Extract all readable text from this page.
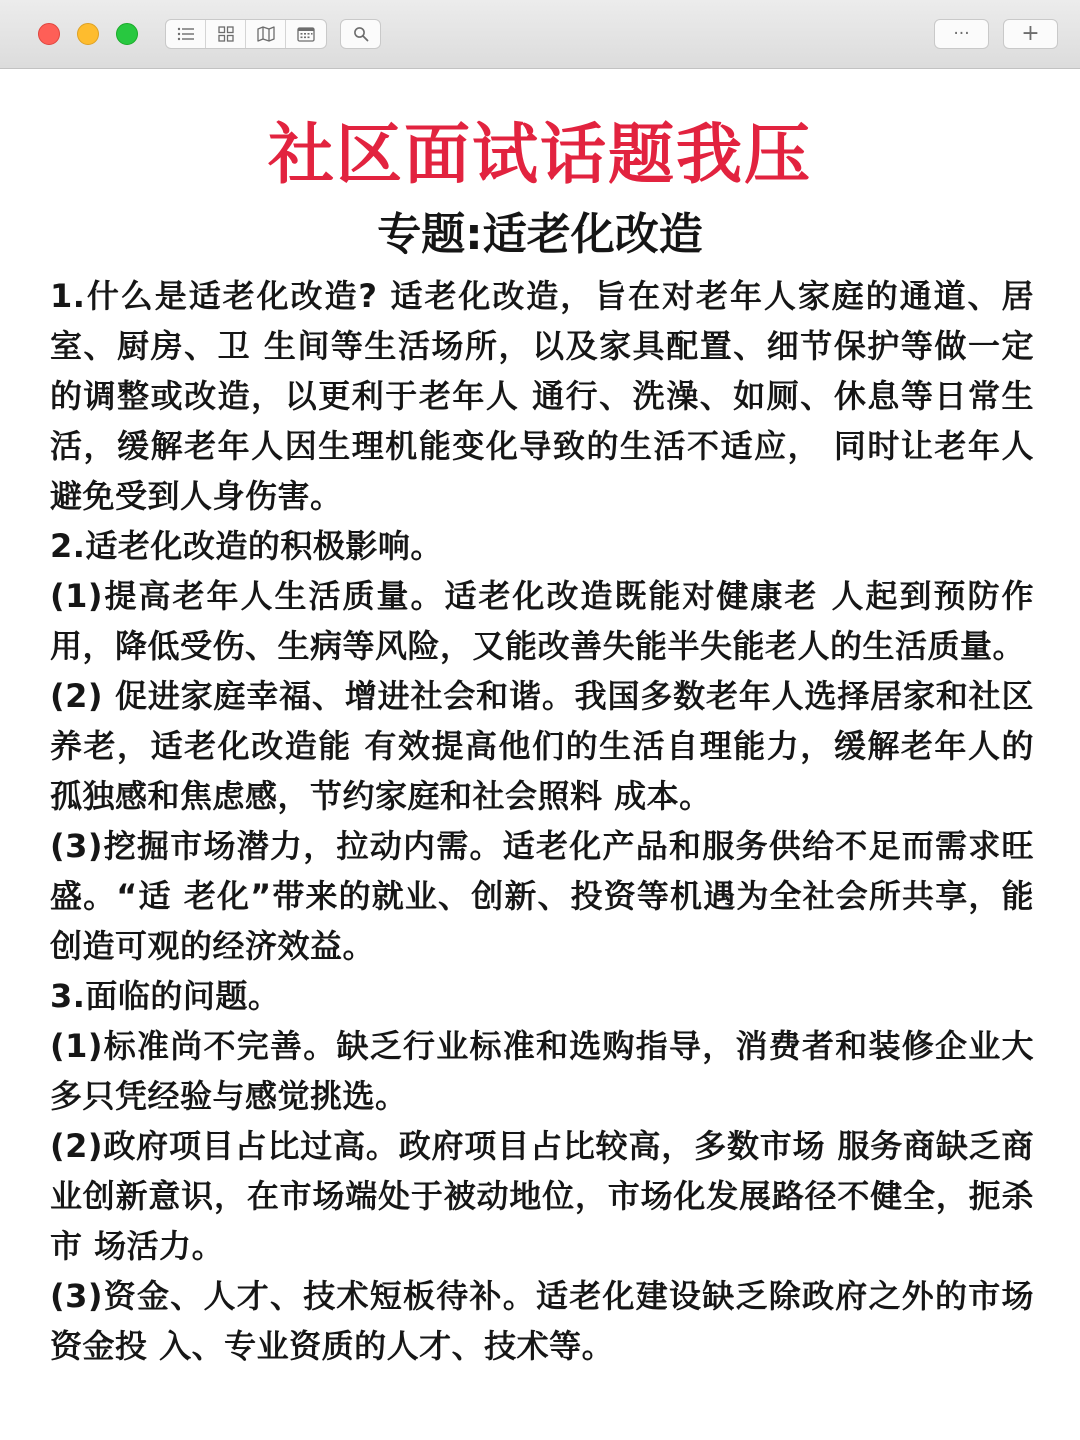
··· +
社区面试话题我压
专题:适老化改造

1.什么是适老化改造? 适老化改造，旨在对老年人家庭的通道、居室、厨房、卫 生间等生活场所，以及家具配置、细节保护等做一定的调整或改造，以更利于老年人 通行、洗澡、如厕、休息等日常生活，缓解老年人因生理机能变化导致的生活不适应， 同时让老年人避免受到人身伤害。

2.适老化改造的积极影响。

(1)提高老年人生活质量。适老化改造既能对健康老 人起到预防作用，降低受伤、生病等风险，又能改善失能半失能老人的生活质量。

(2) 促进家庭幸福、增进社会和谐。我国多数老年人选择居家和社区养老，适老化改造能 有效提高他们的生活自理能力，缓解老年人的孤独感和焦虑感，节约家庭和社会照料 成本。

(3)挖掘市场潜力，拉动内需。适老化产品和服务供给不足而需求旺盛。“适 老化”带来的就业、创新、投资等机遇为全社会所共享，能创造可观的经济效益。

3.面临的问题。

(1)标准尚不完善。缺乏行业标准和选购指导，消费者和装修企业大多只凭经验与感觉挑选。

(2)政府项目占比过高。政府项目占比较高，多数市场 服务商缺乏商业创新意识，在市场端处于被动地位，市场化发展路径不健全，扼杀市 场活力。

(3)资金、人才、技术短板待补。适老化建设缺乏除政府之外的市场资金投 入、专业资质的人才、技术等。
